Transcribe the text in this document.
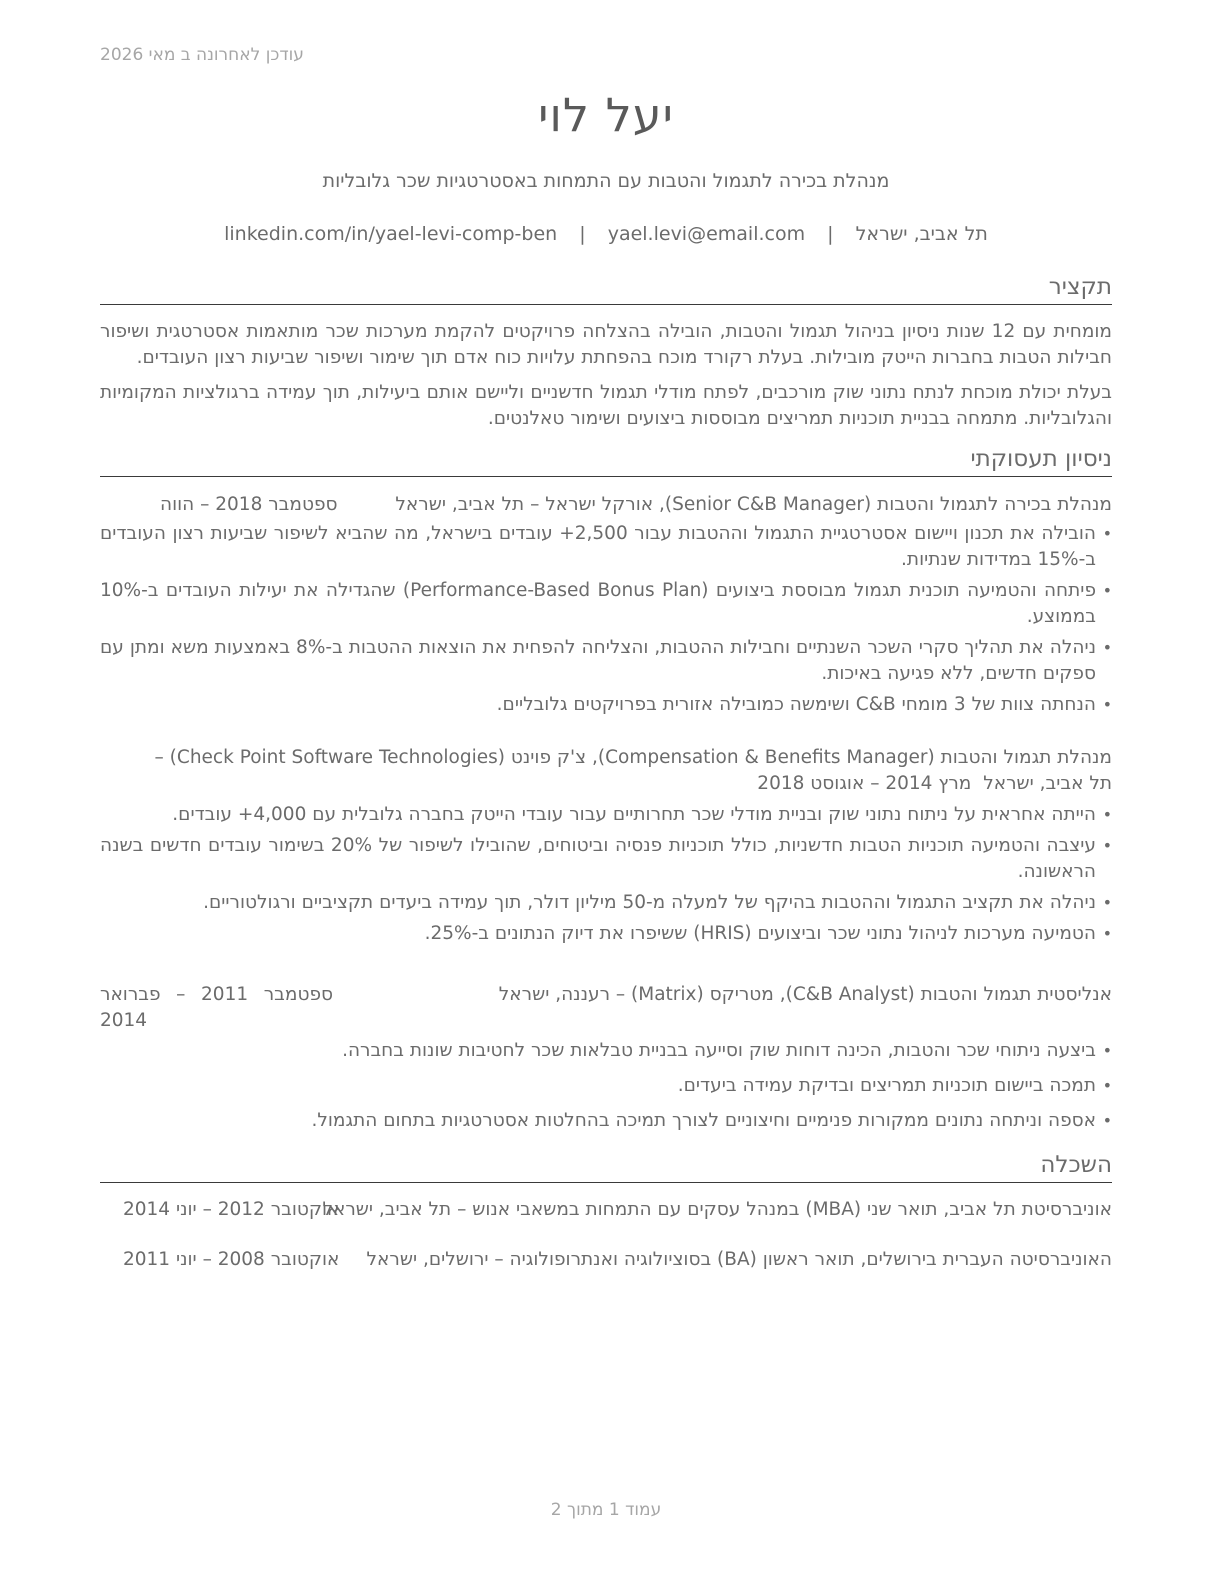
עודכן לאחרונה ב מאי 2026
יעל לוי
מנהלת בכירה לתגמול והטבות עם התמחות באסטרטגיות שכר גלובליות
תל אביב, ישראל | yael.levi@email.com | linkedin.com/in/yael-levi-comp-ben
תקציר
מומחית עם 12 שנות ניסיון בניהול תגמול והטבות, הובילה בהצלחה פרויקטים להקמת מערכות שכר מותאמות אסטרטגית ושיפור חבילות הטבות בחברות הייטק מובילות. בעלת רקורד מוכח בהפחתת עלויות כוח אדם תוך שימור ושיפור שביעות רצון העובדים.
בעלת יכולת מוכחת לנתח נתוני שוק מורכבים, לפתח מודלי תגמול חדשניים וליישם אותם ביעילות, תוך עמידה ברגולציות המקומיות והגלובליות. מתמחה בבניית תוכניות תמריצים מבוססות ביצועים ושימור טאלנטים.
ניסיון תעסוקתי
מנהלת בכירה לתגמול והטבות (Senior C&B Manager), אורקל ישראל – תל אביב, ישראל
ספטמבר 2018 – הווה
•
הובילה את תכנון ויישום אסטרטגיית התגמול וההטבות עבור 2,500+ עובדים בישראל, מה שהביא לשיפור שביעות רצון העובדים ב-15% במדידות שנתיות.
•
פיתחה והטמיעה תוכנית תגמול מבוססת ביצועים (Performance-Based Bonus Plan) שהגדילה את יעילות העובדים ב-10% בממוצע.
•
ניהלה את תהליך סקרי השכר השנתיים וחבילות ההטבות, והצליחה להפחית את הוצאות ההטבות ב-8% באמצעות משא ומתן עם ספקים חדשים, ללא פגיעה באיכות.
•
הנחתה צוות של 3 מומחי C&B ושימשה כמובילה אזורית בפרויקטים גלובליים.
מנהלת תגמול והטבות (Compensation & Benefits Manager), צ'ק פוינט (Check Point Software Technologies) – תל אביב, ישראל מרץ 2014 – אוגוסט 2018
•
הייתה אחראית על ניתוח נתוני שוק ובניית מודלי שכר תחרותיים עבור עובדי הייטק בחברה גלובלית עם 4,000+ עובדים.
•
עיצבה והטמיעה תוכניות הטבות חדשניות, כולל תוכניות פנסיה וביטוחים, שהובילו לשיפור של 20% בשימור עובדים חדשים בשנה הראשונה.
•
ניהלה את תקציב התגמול וההטבות בהיקף של למעלה מ-50 מיליון דולר, תוך עמידה ביעדים תקציביים ורגולטוריים.
•
הטמיעה מערכות לניהול נתוני שכר וביצועים (HRIS) ששיפרו את דיוק הנתונים ב-25%.
אנליסטית תגמול והטבות (C&B Analyst), מטריקס (Matrix) – רעננה, ישראל
ספטמבר 2011 – פברואר 2014
•
ביצעה ניתוחי שכר והטבות, הכינה דוחות שוק וסייעה בבניית טבלאות שכר לחטיבות שונות בחברה.
•
תמכה ביישום תוכניות תמריצים ובדיקת עמידה ביעדים.
•
אספה וניתחה נתונים ממקורות פנימיים וחיצוניים לצורך תמיכה בהחלטות אסטרטגיות בתחום התגמול.
השכלה
אוניברסיטת תל אביב, תואר שני (MBA) במנהל עסקים עם התמחות במשאבי אנוש – תל אביב, ישראל
אוקטובר 2012 – יוני 2014
האוניברסיטה העברית בירושלים, תואר ראשון (BA) בסוציולוגיה ואנתרופולוגיה – ירושלים, ישראל
אוקטובר 2008 – יוני 2011
עמוד 1 מתוך 2
